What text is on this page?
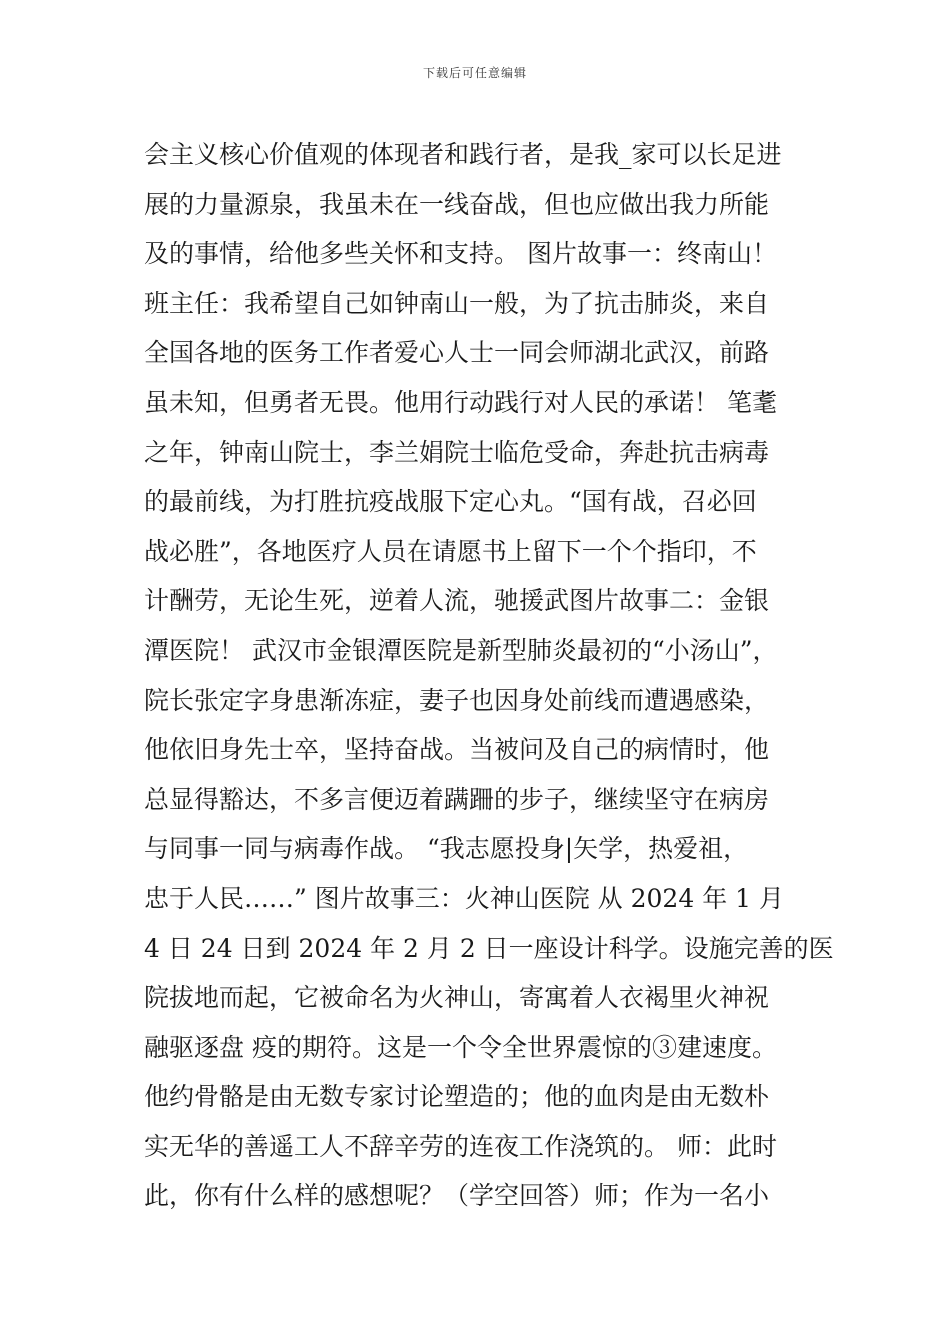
下载后可任意编辑
会主义核心价值观的体现者和践行者，是我_家可以长足进
展的力量源泉，我虽未在一线奋战，但也应做出我力所能
及的事情，给他多些关怀和支持。 图片故事一：终南山！
班主任：我希望自己如钟南山一般，为了抗击肺炎，来自
全国各地的医务工作者爱心人士一同会师湖北武汉，前路
虽未知，但勇者无畏。他用行动践行对人民的承诺！ 笔耄
之年，钟南山院士，李兰娟院士临危受命，奔赴抗击病毒
的最前线，为打胜抗疫战服下定心丸。“国有战，召必回
战必胜”，各地医疗人员在请愿书上留下一个个指印，不
计酬劳，无论生死，逆着人流，驰援武图片故事二：金银
潭医院！ 武汉市金银潭医院是新型肺炎最初的“小汤山”，
院长张定字身患渐冻症，妻子也因身处前线而遭遇感染，
他依旧身先士卒，坚持奋战。当被问及自己的病情时，他
总显得豁达，不多言便迈着蹒跚的步子，继续坚守在病房
与同事一同与病毒作战。 “我志愿投身|矢学，热爱祖，
忠于人民……” 图片故事三：火神山医院 从 2024 年 1 月
4 日 24 日到 2024 年 2 月 2 日一座设计科学。设施完善的医
院拔地而起，它被命名为火神山，寄寓着人衣褐里火神祝
融驱逐盘 疫的期符。这是一个令全世界震惊的③建速度。
他约骨骼是由无数专家讨论塑造的；他的血肉是由无数朴
实无华的善遥工人不辞辛劳的连夜工作浇筑的。 师：此时
此，你有什么样的感想呢？（学空回答）师；作为一名小
